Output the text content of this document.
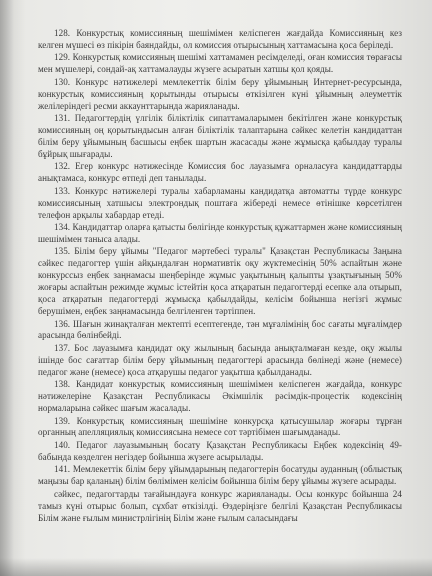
128. Конкурстық комиссияның шешімімен келіспеген жағдайда Комиссияның кез келген мүшесі өз пікірін баяндайды, ол комиссия отырысының хаттамасына қоса беріледі.

129. Конкурстық комиссияның шешімі хаттамамен ресімделеді, оған комиссия төрағасы мен мүшелері, сондай-ақ хаттамалауды жүзеге асыратын хатшы қол қояды.

130. Конкурс нәтижелері мемлекеттік білім беру ұйымының Интернет-ресурсында, конкурстық комиссияның қорытынды отырысы өткізілген күні ұйымның әлеуметтік желілеріндегі ресми аккаунттарында жарияланады.

131. Педагогтердің үлгілік біліктілік сипаттамаларымен бекітілген және конкурстық комиссияның оң қорытындысын алған біліктілік талаптарына сәйкес келетін кандидаттан білім беру ұйымының басшысы еңбек шартын жасасады және жұмысқа қабылдау туралы бұйрық шығарады.

132. Егер конкурс нәтижесінде Комиссия бос лауазымға орналасуға кандидаттарды анықтамаса, конкурс өтпеді деп танылады.

133. Конкурс нәтижелері туралы хабарламаны кандидатқа автоматты түрде конкурс комиссиясының хатшысы электрондық поштаға жібереді немесе өтінішке көрсетілген телефон арқылы хабардар етеді.

134. Кандидаттар оларға қатысты бөлігінде конкурстық құжаттармен және комиссияның шешімімен таныса алады.

135. Білім беру ұйымы "Педагог мәртебесі туралы" Қазақстан Республикасы Заңына сәйкес педагогтер үшін айқындалған нормативтік оқу жүктемесінің 50% аспайтын және конкурссыз еңбек заңнамасы шеңберінде жұмыс уақытының қалыпты ұзақтығының 50% жоғары аспайтын режимде жұмыс істейтін қоса атқаратын педагогтерді есепке ала отырып, қоса атқаратын педагогтерді жұмысқа қабылдайды, келісім бойынша негізгі жұмыс берушімен, еңбек заңнамасында белгіленген тәртіппен.

136. Шағын жинақталған мектепті есептегенде, тән мұғалімінің бос сағаты мұғалімдер арасында бөлінбейді.

137. Бос лауазымға кандидат оқу жылының басында анықталмаған кезде, оқу жылы ішінде бос сағаттар білім беру ұйымының педагогтері арасында бөлінеді және (немесе) педагог және (немесе) қоса атқарушы педагог уақытша қабылданады.

138. Кандидат конкурстық комиссияның шешімімен келіспеген жағдайда, конкурс нәтижелеріне Қазақстан Республикасы Әкімшілік рәсімдік-процестік кодексінің нормаларына сәйкес шағым жасалады.

139. Конкурстық комиссияның шешіміне конкурсқа қатысушылар жоғары тұрған органның апелляциялық комиссиясына немесе сот тәртібімен шағымданады.

140. Педагог лауазымының босату Қазақстан Республикасы Еңбек кодексінің 49-бабында көзделген негіздер бойынша жүзеге асырылады.

141. Мемлекеттік білім беру ұйымдарының педагогтерін босатуды ауданның (облыстық маңызы бар қаланың) білім бөлімімен келісім бойынша білім беру ұйымы жүзеге асырады.

сәйкес, педагогтарды тағайындауға конкурс жарияланады. Осы конкурс бойынша 24 тамыз күні отырыс болып, сұхбат өткізілді. Өздеріңізге белгілі Қазақстан Республикасы Білім және ғылым министрлігінің Білім және ғылым саласындағы
